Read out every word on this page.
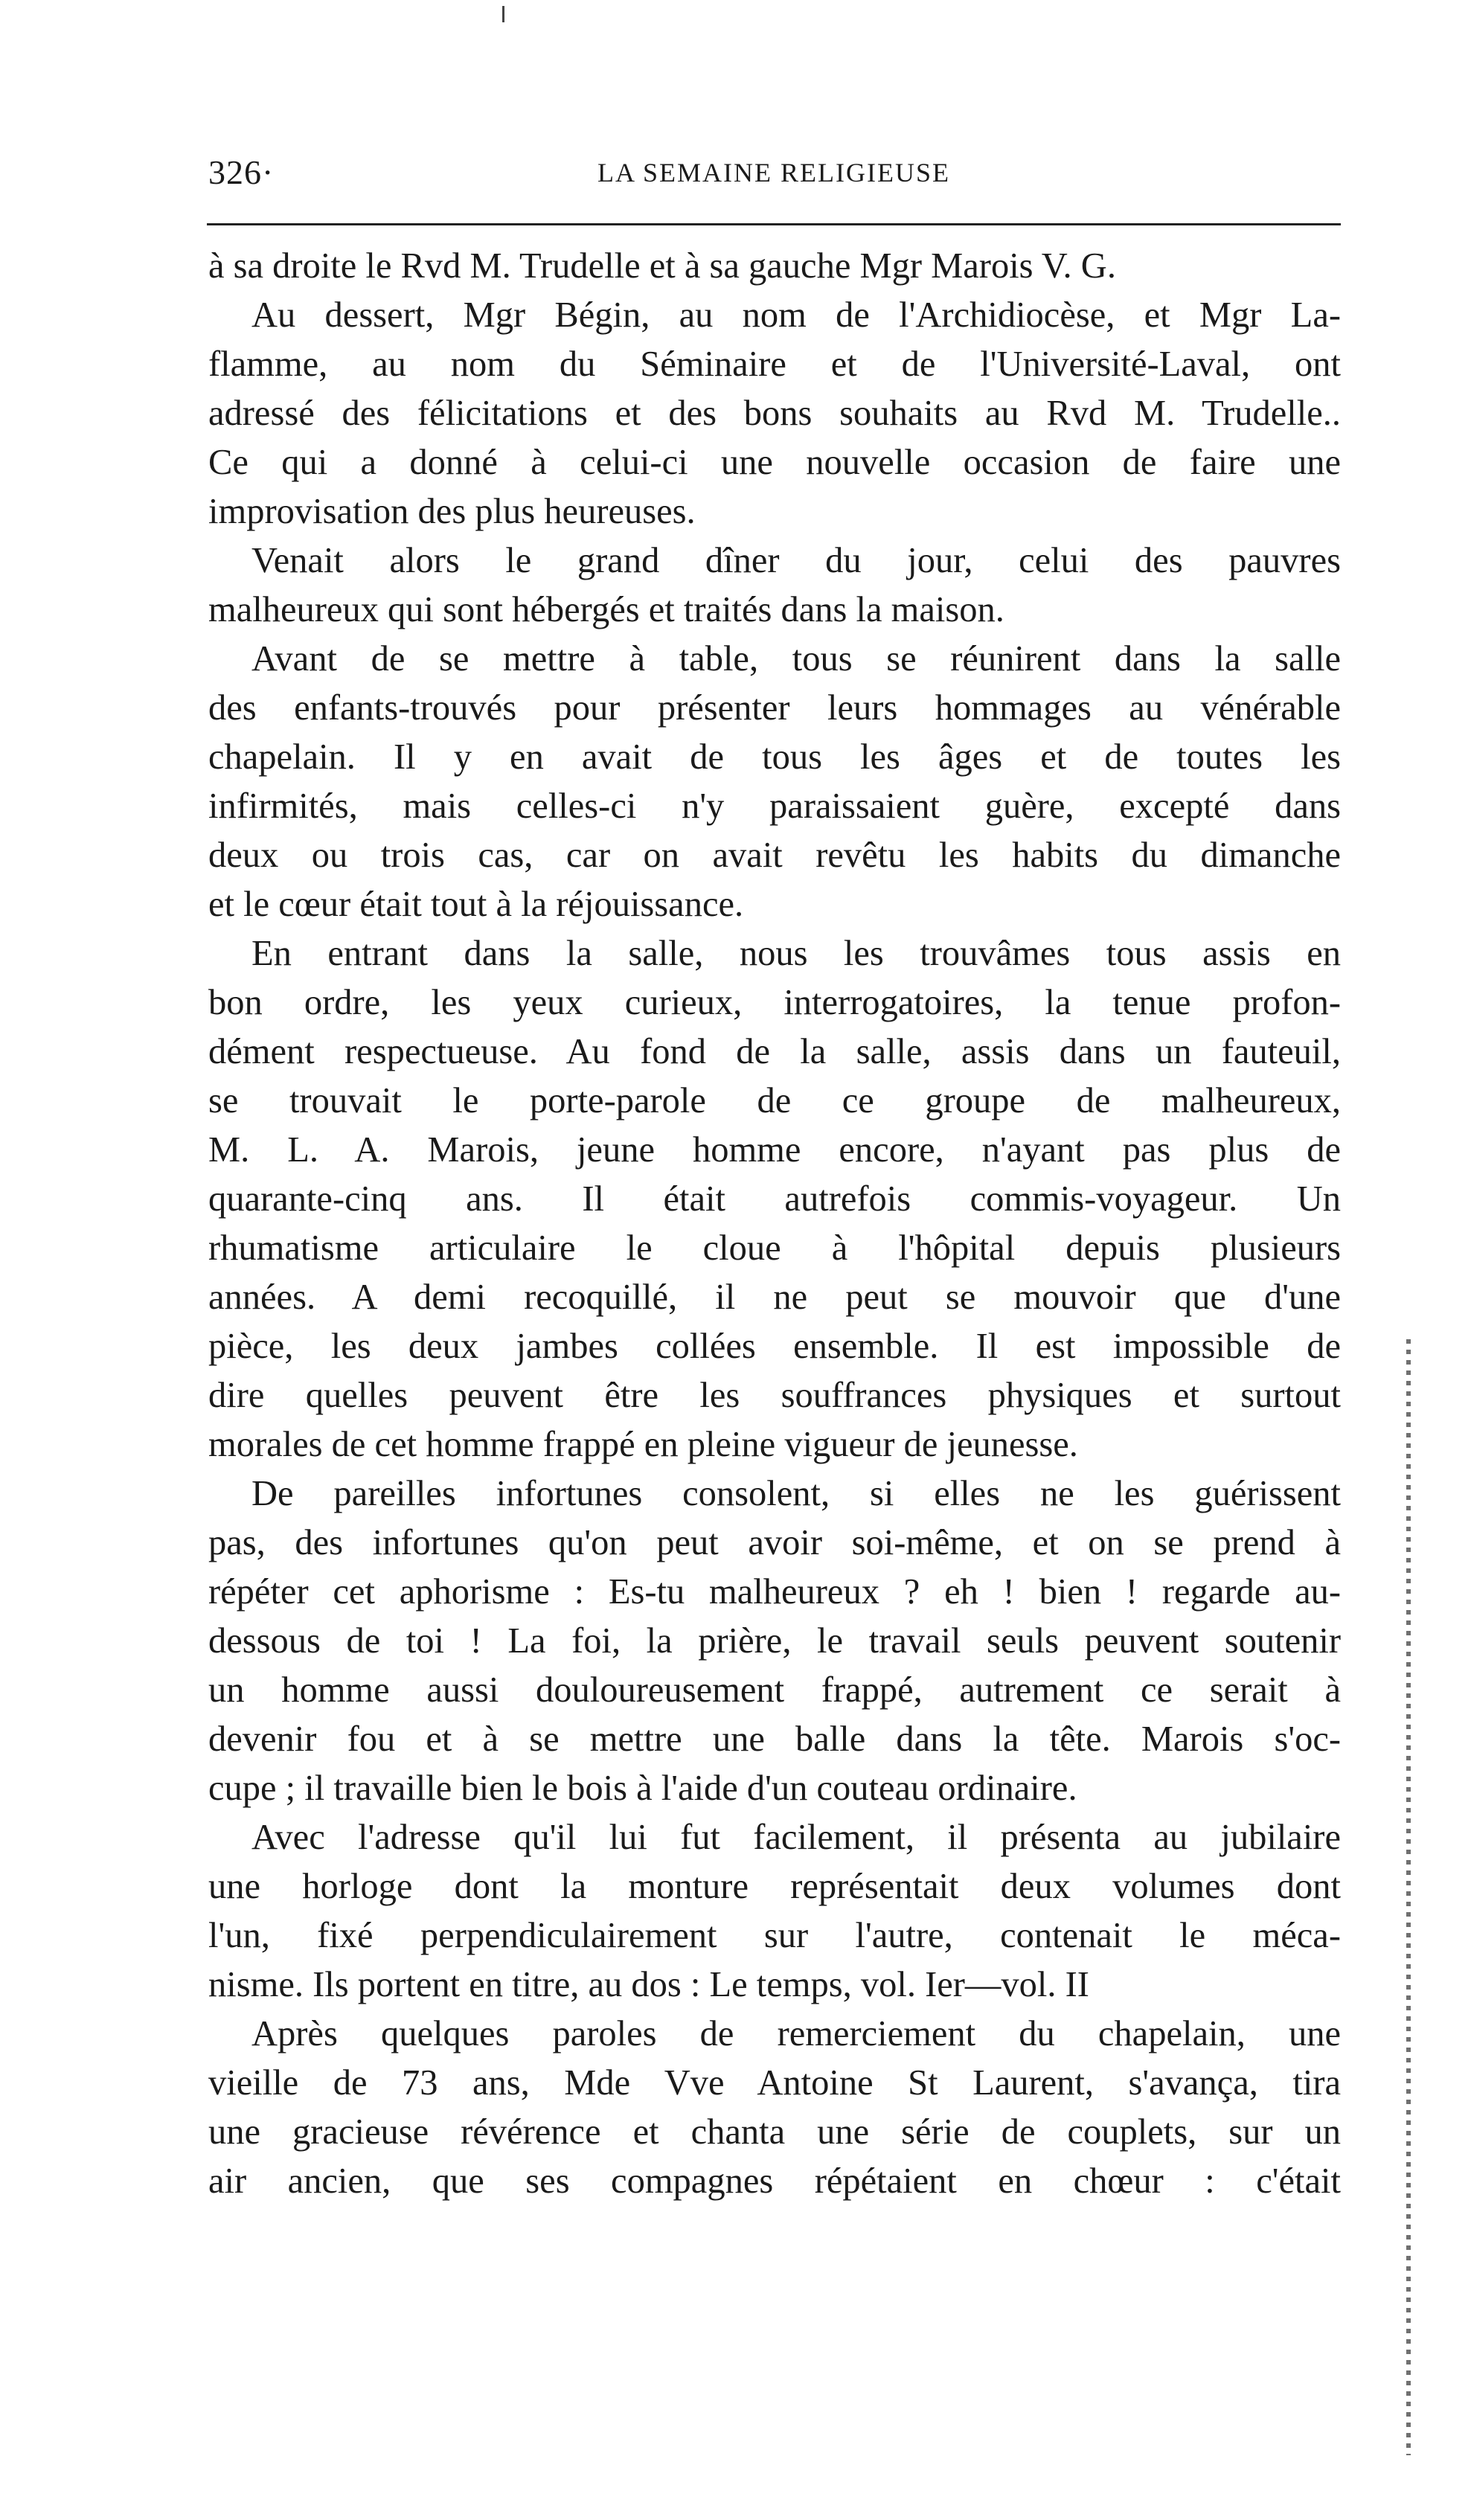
326·	LA SEMAINE RELIGIEUSE
à sa droite le Rvd M. Trudelle et à sa gauche Mgr Marois V. G.
Au dessert, Mgr Bégin, au nom de l'Archidiocèse, et Mgr La-
flamme, au nom du Séminaire et de l'Université-Laval, ont
adressé des félicitations et des bons souhaits au Rvd M. Trudelle..
Ce qui a donné à celui-ci une nouvelle occasion de faire une
improvisation des plus heureuses.
Venait alors le grand dîner du jour, celui des pauvres
malheureux qui sont hébergés et traités dans la maison.
Avant de se mettre à table, tous se réunirent dans la salle
des enfants-trouvés pour présenter leurs hommages au vénérable
chapelain. Il y en avait de tous les âges et de toutes les
infirmités, mais celles-ci n'y paraissaient guère, excepté dans
deux ou trois cas, car on avait revêtu les habits du dimanche
et le cœur était tout à la réjouissance.
En entrant dans la salle, nous les trouvâmes tous assis en
bon ordre, les yeux curieux, interrogatoires, la tenue profon-
dément respectueuse. Au fond de la salle, assis dans un fauteuil,
se trouvait le porte-parole de ce groupe de malheureux,
M. L. A. Marois, jeune homme encore, n'ayant pas plus de
quarante-cinq ans. Il était autrefois commis-voyageur. Un
rhumatisme articulaire le cloue à l'hôpital depuis plusieurs
années. A demi recoquillé, il ne peut se mouvoir que d'une
pièce, les deux jambes collées ensemble. Il est impossible de
dire quelles peuvent être les souffrances physiques et surtout
morales de cet homme frappé en pleine vigueur de jeunesse.
De pareilles infortunes consolent, si elles ne les guérissent
pas, des infortunes qu'on peut avoir soi-même, et on se prend à
répéter cet aphorisme : Es-tu malheureux ? eh ! bien ! regarde au-
dessous de toi ! La foi, la prière, le travail seuls peuvent soutenir
un homme aussi douloureusement frappé, autrement ce serait à
devenir fou et à se mettre une balle dans la tête. Marois s'oc-
cupe ; il travaille bien le bois à l'aide d'un couteau ordinaire.
Avec l'adresse qu'il lui fut facilement, il présenta au jubilaire
une horloge dont la monture représentait deux volumes dont
l'un, fixé perpendiculairement sur l'autre, contenait le méca-
nisme. Ils portent en titre, au dos : Le temps, vol. Ier—vol. II
Après quelques paroles de remerciement du chapelain, une
vieille de 73 ans, Mde Vve Antoine St Laurent, s'avança, tira
une gracieuse révérence et chanta une série de couplets, sur un
air ancien, que ses compagnes répétaient en chœur : c'était
